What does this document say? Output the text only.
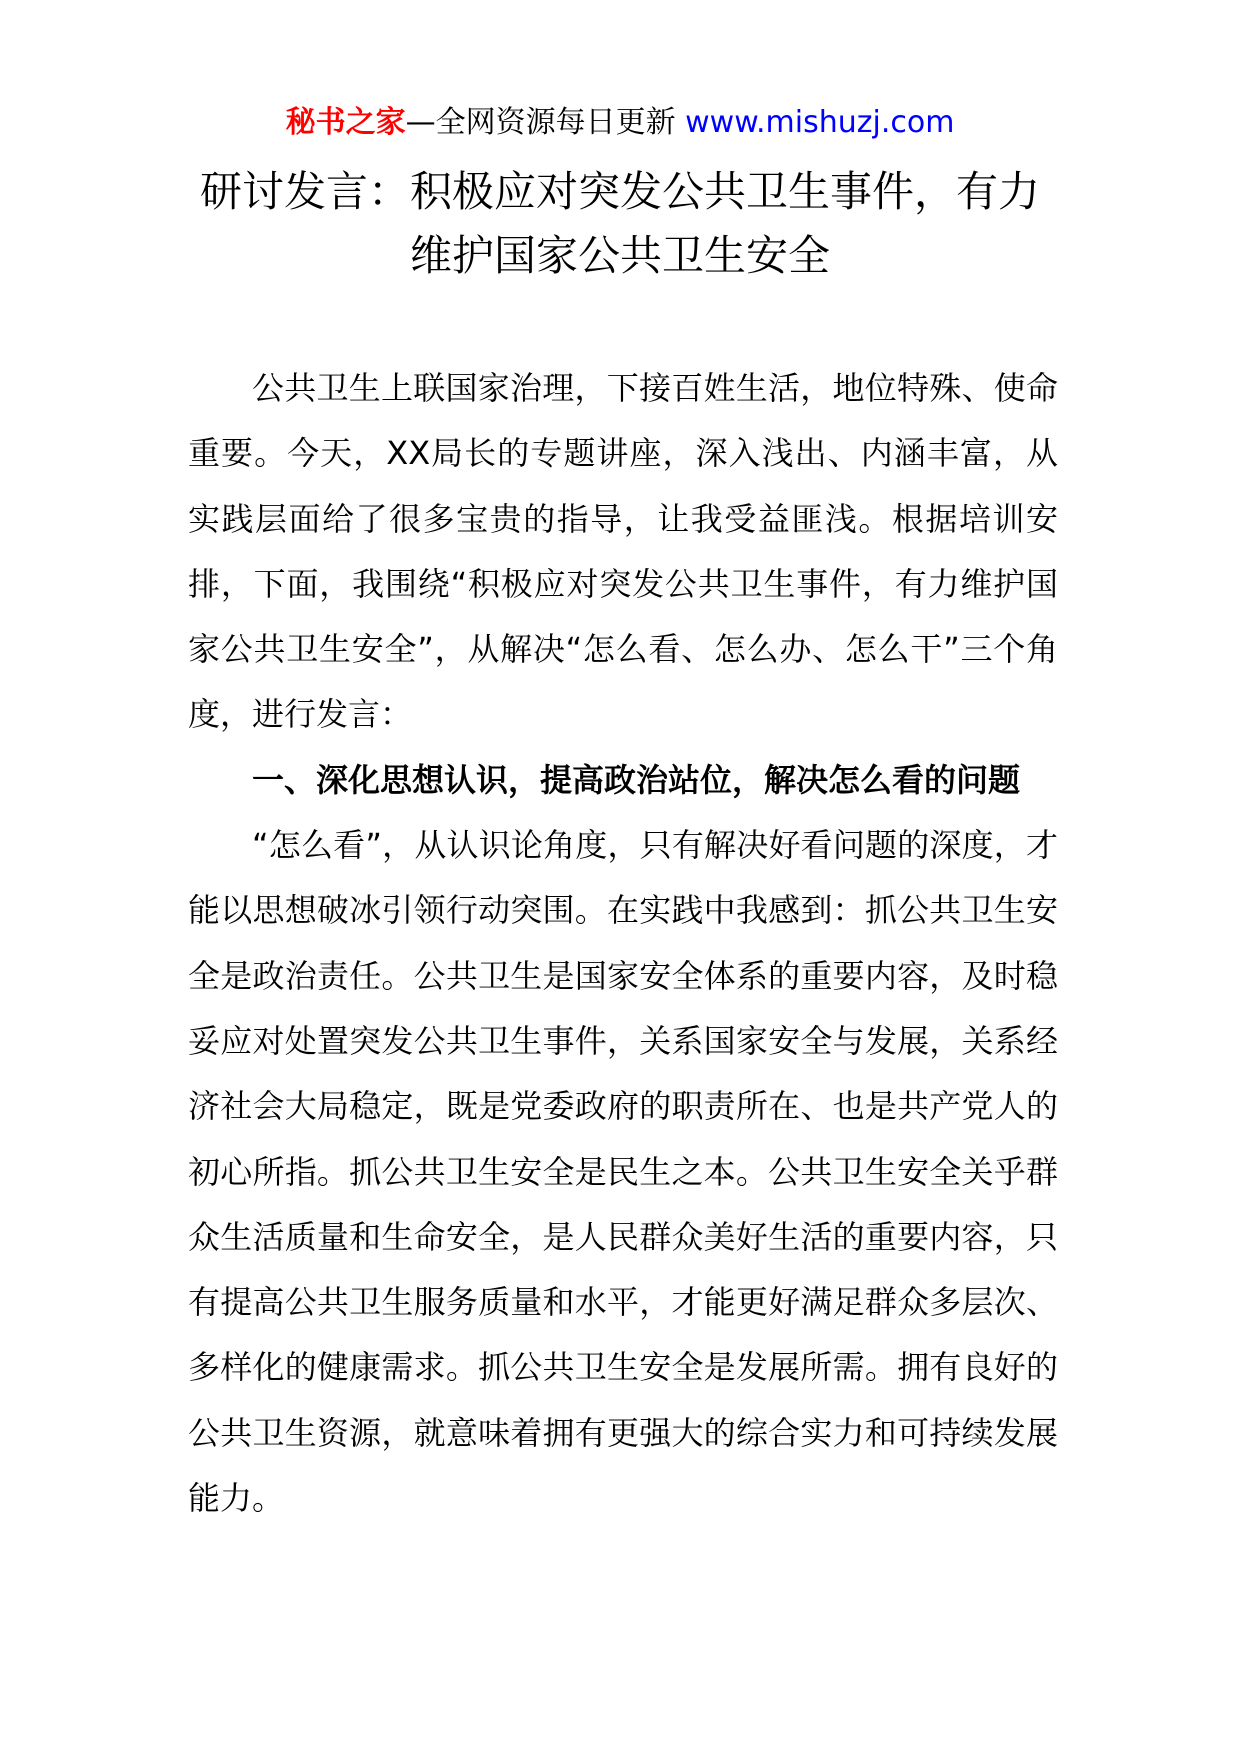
秘书之家—全网资源每日更新 www.mishuzj.com
研讨发言：积极应对突发公共卫生事件，有力
维护国家公共卫生安全

公共卫生上联国家治理，下接百姓生活，地位特殊、使命重要。今天，XX局长的专题讲座，深入浅出、内涵丰富，从实践层面给了很多宝贵的指导，让我受益匪浅。根据培训安排，下面，我围绕“积极应对突发公共卫生事件，有力维护国家公共卫生安全”，从解决“怎么看、怎么办、怎么干”三个角度，进行发言：

一、深化思想认识，提高政治站位，解决怎么看的问题

“怎么看”，从认识论角度，只有解决好看问题的深度，才能以思想破冰引领行动突围。在实践中我感到：抓公共卫生安全是政治责任。公共卫生是国家安全体系的重要内容，及时稳妥应对处置突发公共卫生事件，关系国家安全与发展，关系经济社会大局稳定，既是党委政府的职责所在、也是共产党人的初心所指。抓公共卫生安全是民生之本。公共卫生安全关乎群众生活质量和生命安全，是人民群众美好生活的重要内容，只有提高公共卫生服务质量和水平，才能更好满足群众多层次、多样化的健康需求。抓公共卫生安全是发展所需。拥有良好的公共卫生资源，就意味着拥有更强大的综合实力和可持续发展能力。
